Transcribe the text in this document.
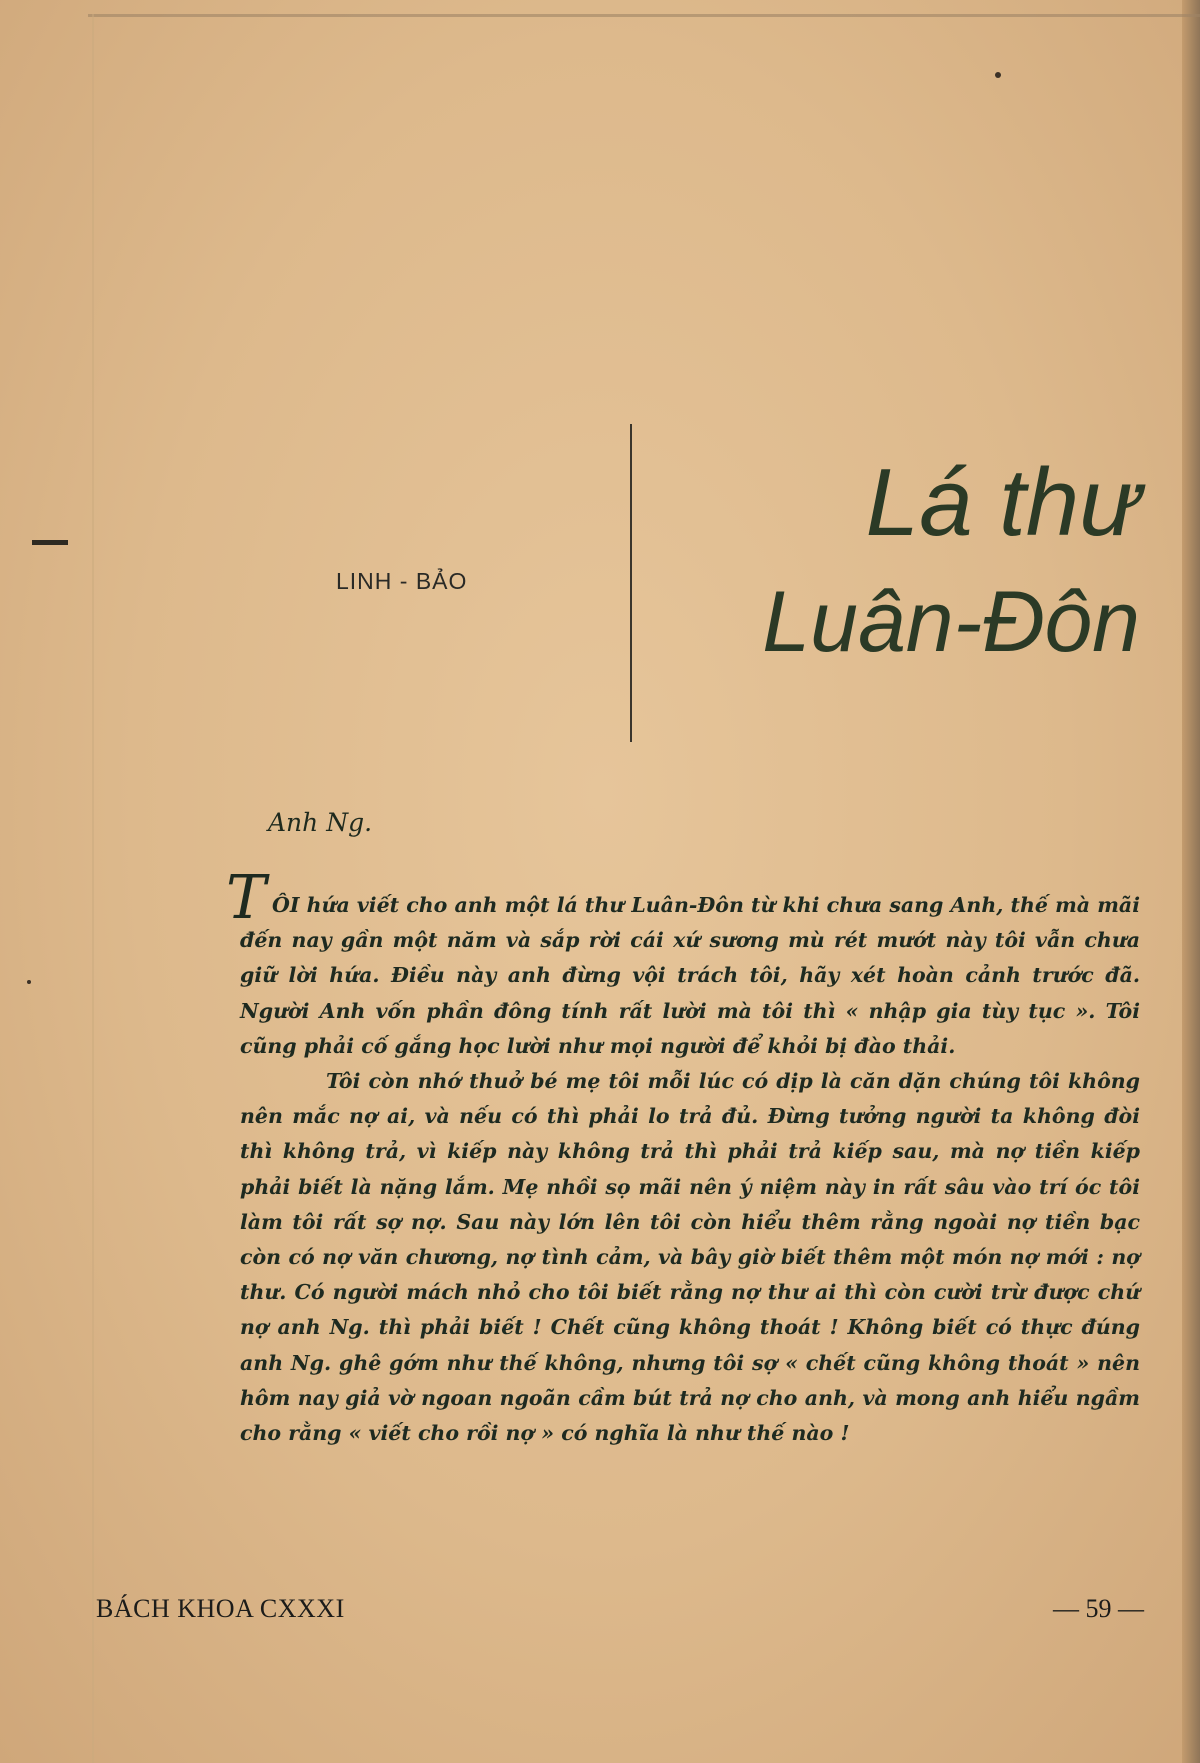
LINH - BẢO
Lá thư
Luân-Đôn
Anh Ng.

TÔI hứa viết cho anh một lá thư Luân-Đôn từ khi chưa sang Anh, thế mà mãi đến nay gần một năm và sắp rời cái xứ sương mù rét mướt này tôi vẫn chưa giữ lời hứa. Điều này anh đừng vội trách tôi, hãy xét hoàn cảnh trước đã. Người Anh vốn phần đông tính rất lười mà tôi thì « nhập gia tùy tục ». Tôi cũng phải cố gắng học lười như mọi người để khỏi bị đào thải.

Tôi còn nhớ thuở bé mẹ tôi mỗi lúc có dịp là căn dặn chúng tôi không nên mắc nợ ai, và nếu có thì phải lo trả đủ. Đừng tưởng người ta không đòi thì không trả, vì kiếp này không trả thì phải trả kiếp sau, mà nợ tiền kiếp phải biết là nặng lắm. Mẹ nhồi sọ mãi nên ý niệm này in rất sâu vào trí óc tôi làm tôi rất sợ nợ. Sau này lớn lên tôi còn hiểu thêm rằng ngoài nợ tiền bạc còn có nợ văn chương, nợ tình cảm, và bây giờ biết thêm một món nợ mới : nợ thư. Có người mách nhỏ cho tôi biết rằng nợ thư ai thì còn cười trừ được chứ nợ anh Ng. thì phải biết ! Chết cũng không thoát ! Không biết có thực đúng anh Ng. ghê gớm như thế không, nhưng tôi sợ « chết cũng không thoát » nên hôm nay giả vờ ngoan ngoãn cầm bút trả nợ cho anh, và mong anh hiểu ngầm cho rằng « viết cho rồi nợ » có nghĩa là như thế nào !

BÁCH KHOA CXXXI	— 59 —
